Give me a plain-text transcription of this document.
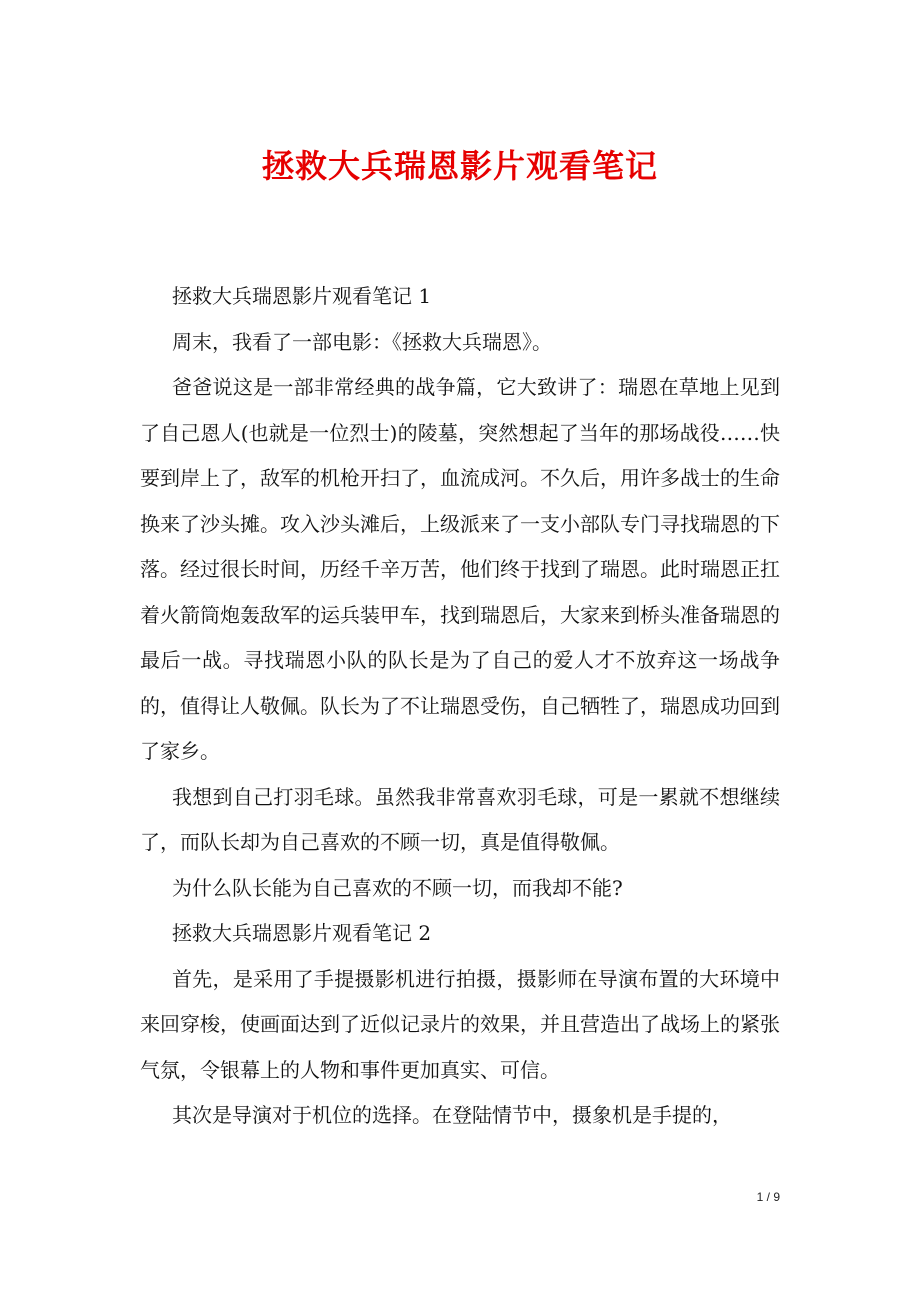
拯救大兵瑞恩影片观看笔记

拯救大兵瑞恩影片观看笔记 1

周末，我看了一部电影：《拯救大兵瑞恩》。

爸爸说这是一部非常经典的战争篇，它大致讲了：瑞恩在草地上见到了自己恩人(也就是一位烈士)的陵墓，突然想起了当年的那场战役……快要到岸上了，敌军的机枪开扫了，血流成河。不久后，用许多战士的生命换来了沙头摊。攻入沙头滩后，上级派来了一支小部队专门寻找瑞恩的下落。经过很长时间，历经千辛万苦，他们终于找到了瑞恩。此时瑞恩正扛着火箭筒炮轰敌军的运兵装甲车，找到瑞恩后，大家来到桥头准备瑞恩的最后一战。寻找瑞恩小队的队长是为了自己的爱人才不放弃这一场战争的，值得让人敬佩。队长为了不让瑞恩受伤，自己牺牲了，瑞恩成功回到了家乡。

我想到自己打羽毛球。虽然我非常喜欢羽毛球，可是一累就不想继续了，而队长却为自己喜欢的不顾一切，真是值得敬佩。

为什么队长能为自己喜欢的不顾一切，而我却不能?

拯救大兵瑞恩影片观看笔记 2

首先，是采用了手提摄影机进行拍摄，摄影师在导演布置的大环境中来回穿梭，使画面达到了近似记录片的效果，并且营造出了战场上的紧张气氛，令银幕上的人物和事件更加真实、可信。

其次是导演对于机位的选择。在登陆情节中，摄象机是手提的，

1 / 9
